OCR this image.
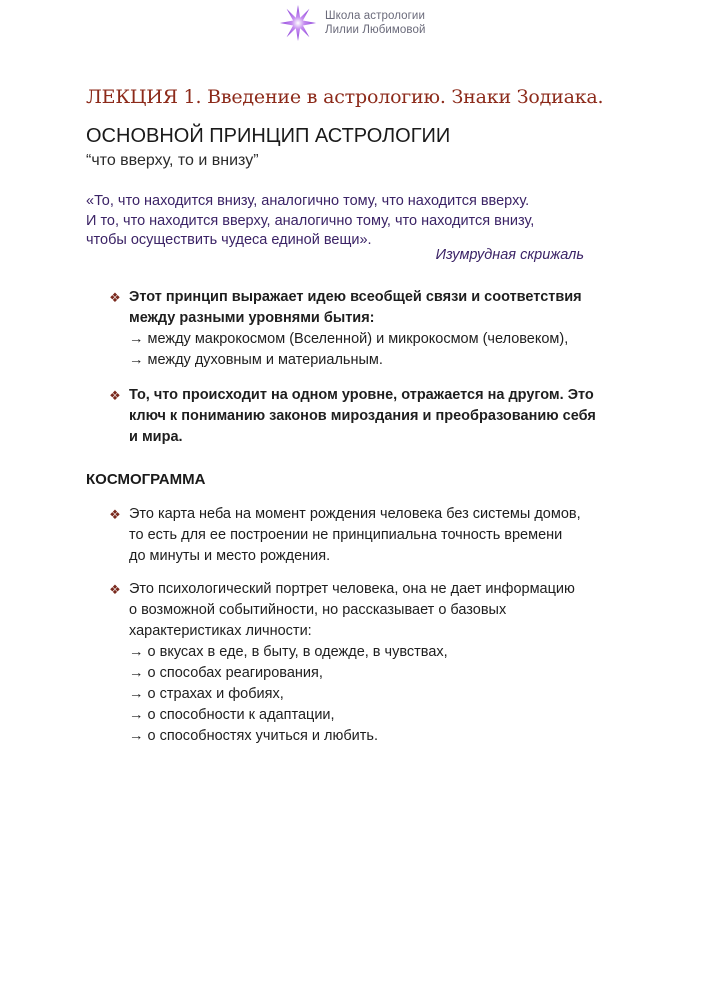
Школа астрологии
Лилии Любимовой
ЛЕКЦИЯ 1. Введение в астрологию. Знаки Зодиака.
ОСНОВНОЙ ПРИНЦИП АСТРОЛОГИИ
“что вверху, то и внизу”

«То, что находится внизу, аналогично тому, что находится вверху.

И то, что находится вверху, аналогично тому, что находится внизу,

чтобы осуществить чудеса единой вещи».

Изумрудная скрижаль
❖ Этот принцип выражает идею всеобщей связи и соответствия

между разными уровнями бытия:

→ между макрокосмом (Вселенной) и микрокосмом (человеком),

→ между духовным и материальным.

❖ То, что происходит на одном уровне, отражается на другом. Это

ключ к пониманию законов мироздания и преобразованию себя

и мира.

КОСМОГРАММА
❖ Это карта неба на момент рождения человека без системы домов,

то есть для ее построении не принципиальна точность времени

до минуты и место рождения.

❖ Это психологический портрет человека, она не дает информацию

о возможной событийности, но рассказывает о базовых

характеристиках личности:

→ о вкусах в еде, в быту, в одежде, в чувствах,

→ о способах реагирования,

→ о страхах и фобиях,

→ о способности к адаптации,

→ о способностях учиться и любить.
